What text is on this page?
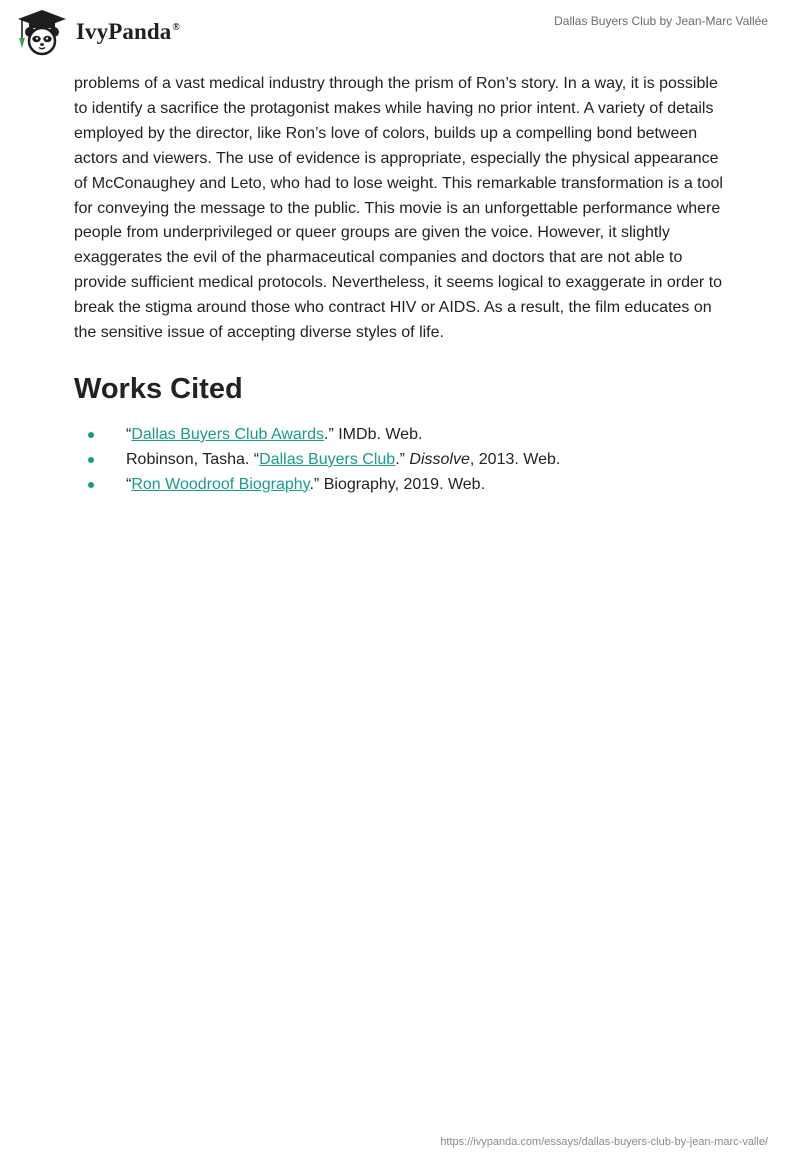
IvyPanda®	Dallas Buyers Club by Jean-Marc Vallée

problems of a vast medical industry through the prism of Ron’s story. In a way, it is possible to identify a sacrifice the protagonist makes while having no prior intent. A variety of details employed by the director, like Ron’s love of colors, builds up a compelling bond between actors and viewers. The use of evidence is appropriate, especially the physical appearance of McConaughey and Leto, who had to lose weight. This remarkable transformation is a tool for conveying the message to the public. This movie is an unforgettable performance where people from underprivileged or queer groups are given the voice. However, it slightly exaggerates the evil of the pharmaceutical companies and doctors that are not able to provide sufficient medical protocols. Nevertheless, it seems logical to exaggerate in order to break the stigma around those who contract HIV or AIDS. As a result, the film educates on the sensitive issue of accepting diverse styles of life.

Works Cited
“Dallas Buyers Club Awards.” IMDb. Web.
Robinson, Tasha. “Dallas Buyers Club.” Dissolve, 2013. Web.
“Ron Woodroof Biography.” Biography, 2019. Web.
https://ivypanda.com/essays/dallas-buyers-club-by-jean-marc-valle/
